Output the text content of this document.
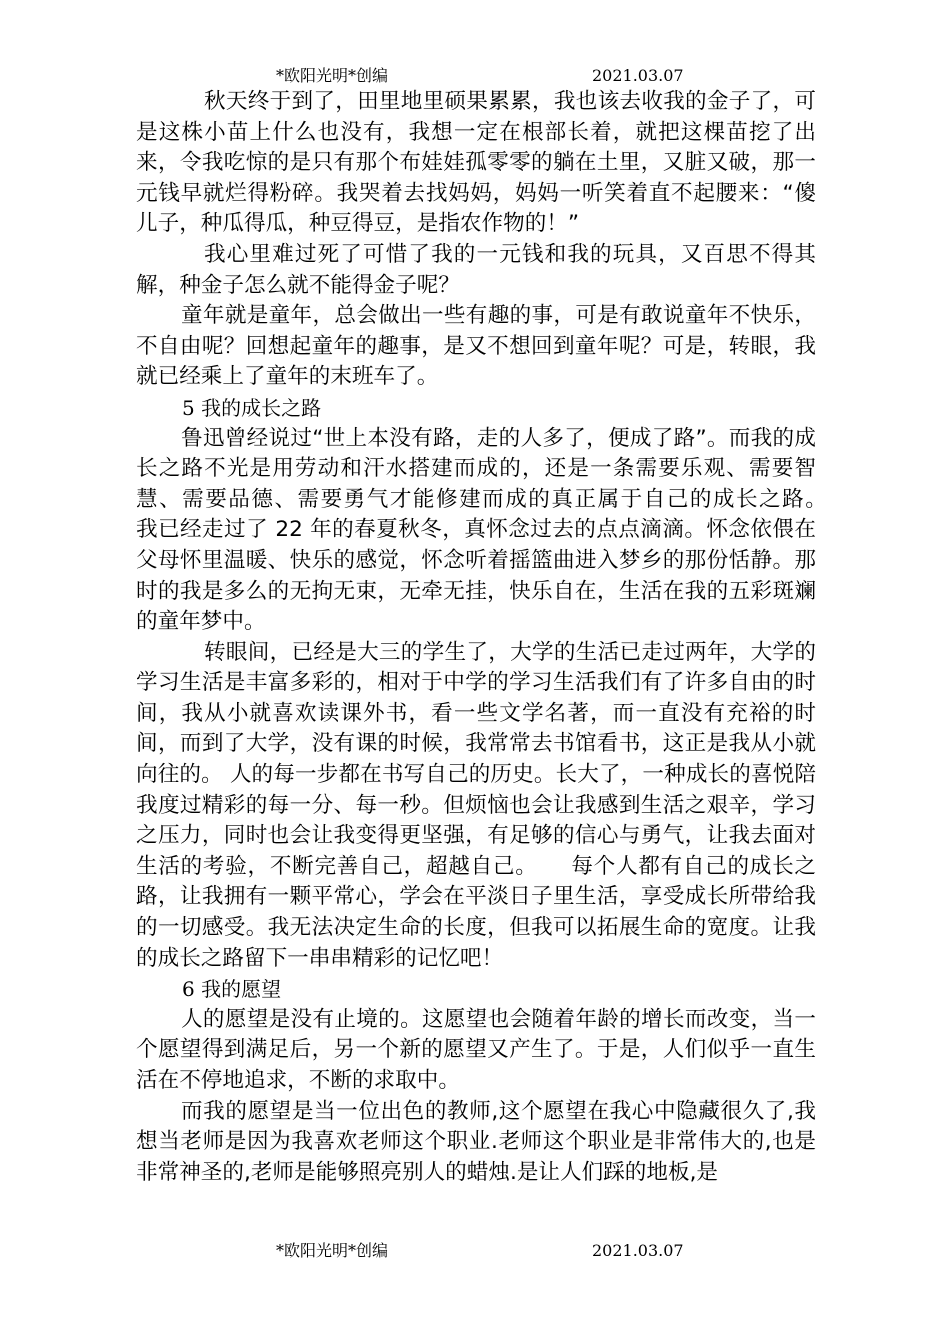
*欧阳光明*创编	2021.03.07

秋天终于到了，田里地里硕果累累，我也该去收我的金子了，可是这株小苗上什么也没有，我想一定在根部长着，就把这棵苗挖了出来，令我吃惊的是只有那个布娃娃孤零零的躺在土里，又脏又破，那一元钱早就烂得粉碎。我哭着去找妈妈，妈妈一听笑着直不起腰来：“傻儿子，种瓜得瓜，种豆得豆，是指农作物的！”

我心里难过死了可惜了我的一元钱和我的玩具，又百思不得其解，种金子怎么就不能得金子呢？

童年就是童年，总会做出一些有趣的事，可是有敢说童年不快乐，不自由呢？回想起童年的趣事，是又不想回到童年呢？可是，转眼，我就已经乘上了童年的末班车了。

5 我的成长之路

鲁迅曾经说过“世上本没有路，走的人多了，便成了路”。而我的成长之路不光是用劳动和汗水搭建而成的，还是一条需要乐观、需要智慧、需要品德、需要勇气才能修建而成的真正属于自己的成长之路。　　我已经走过了 22 年的春夏秋冬，真怀念过去的点点滴滴。怀念依偎在父母怀里温暖、快乐的感觉，怀念听着摇篮曲进入梦乡的那份恬静。那时的我是多么的无拘无束，无牵无挂，快乐自在，生活在我的五彩斑斓的童年梦中。

转眼间，已经是大三的学生了，大学的生活已走过两年，大学的学习生活是丰富多彩的，相对于中学的学习生活我们有了许多自由的时间，我从小就喜欢读课外书，看一些文学名著，而一直没有充裕的时间，而到了大学，没有课的时候，我常常去书馆看书，这正是我从小就向往的。 人的每一步都在书写自己的历史。长大了，一种成长的喜悦陪我度过精彩的每一分、每一秒。但烦恼也会让我感到生活之艰辛，学习之压力，同时也会让我变得更坚强，有足够的信心与勇气，让我去面对生活的考验，不断完善自己，超越自己。　　每个人都有自己的成长之路，让我拥有一颗平常心，学会在平淡日子里生活，享受成长所带给我的一切感受。我无法决定生命的长度，但我可以拓展生命的宽度。让我的成长之路留下一串串精彩的记忆吧！

6 我的愿望

人的愿望是没有止境的。这愿望也会随着年龄的增长而改变，当一个愿望得到满足后，另一个新的愿望又产生了。于是，人们似乎一直生活在不停地追求，不断的求取中。

而我的愿望是当一位出色的教师,这个愿望在我心中隐藏很久了,我想当老师是因为我喜欢老师这个职业.老师这个职业是非常伟大的,也是非常神圣的,老师是能够照亮别人的蜡烛.是让人们踩的地板,是

*欧阳光明*创编	2021.03.07
